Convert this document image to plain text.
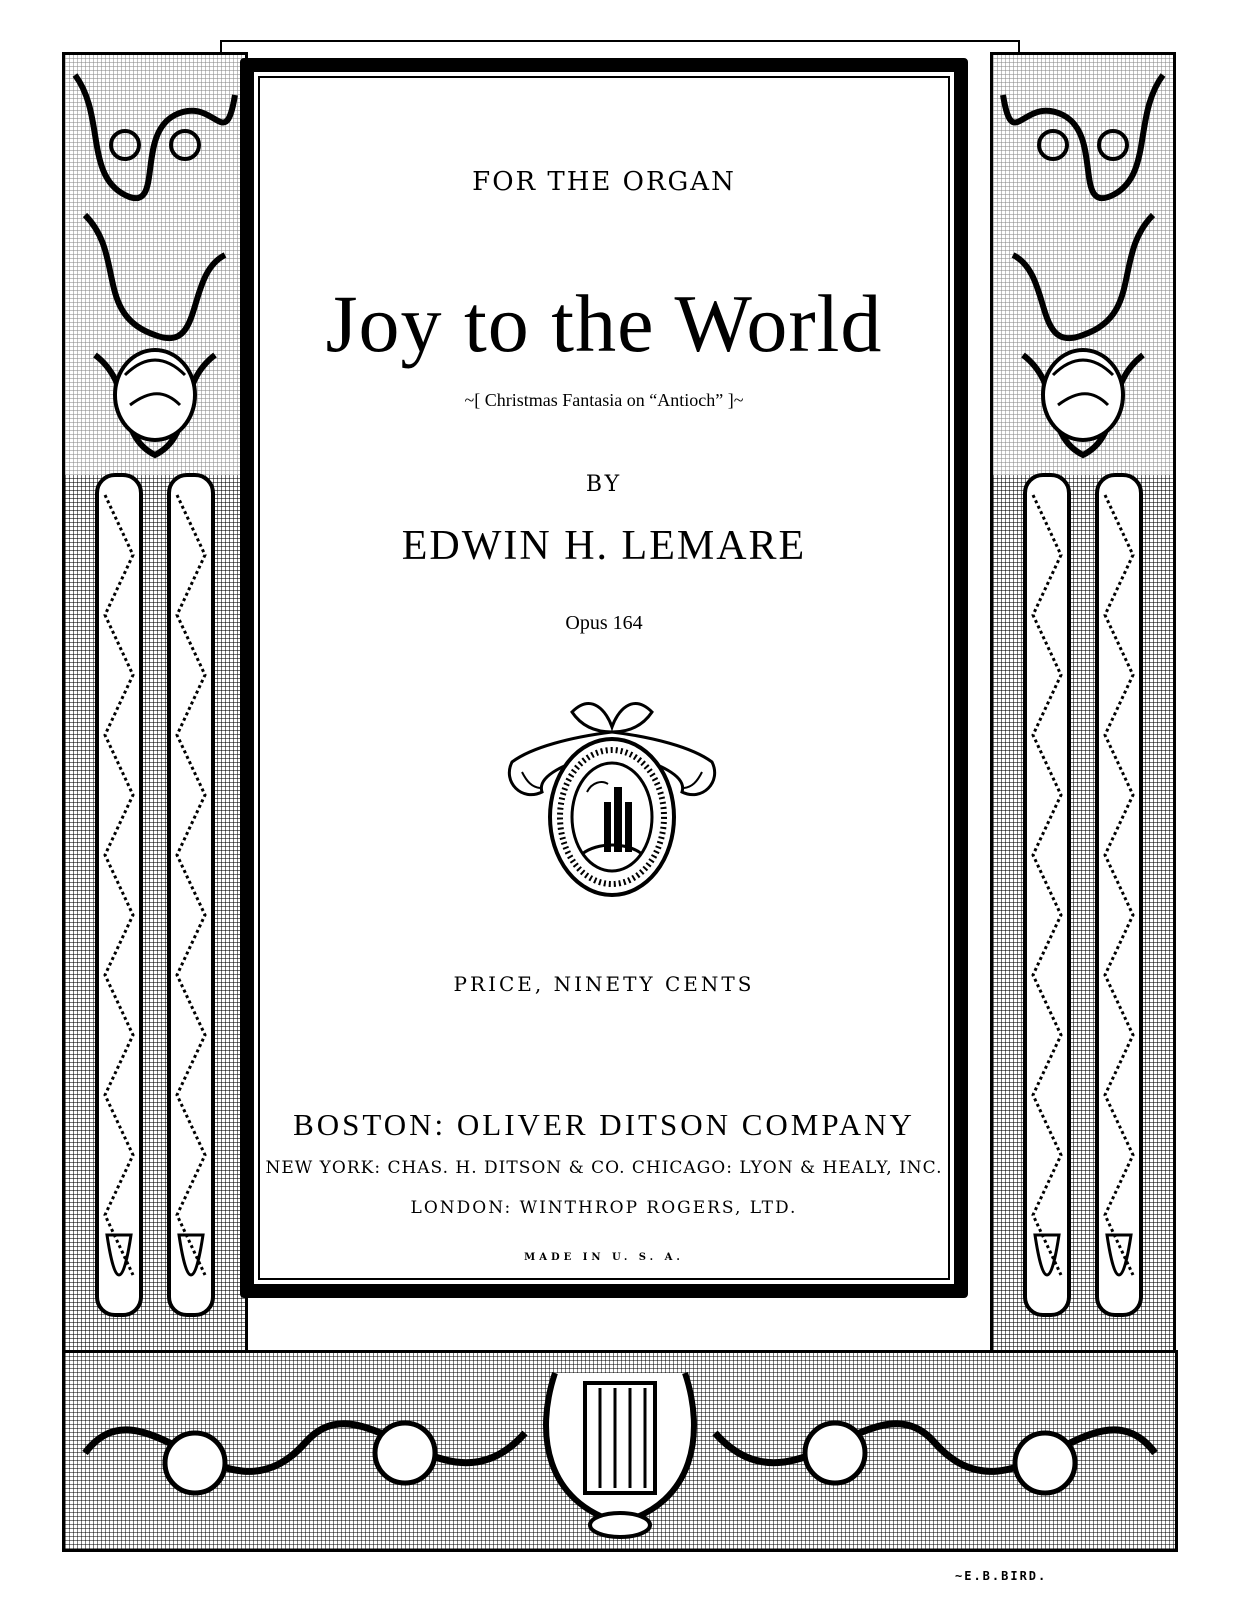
FOR THE ORGAN
Joy to the World
~[ Christmas Fantasia on “Antioch” ]~
BY
EDWIN H. LEMARE
Opus 164
PRICE, NINETY CENTS
BOSTON: OLIVER DITSON COMPANY
NEW YORK: CHAS. H. DITSON & CO. CHICAGO: LYON & HEALY, INC.
LONDON: WINTHROP ROGERS, LTD.
MADE IN U. S. A.
~E.B.BIRD.
